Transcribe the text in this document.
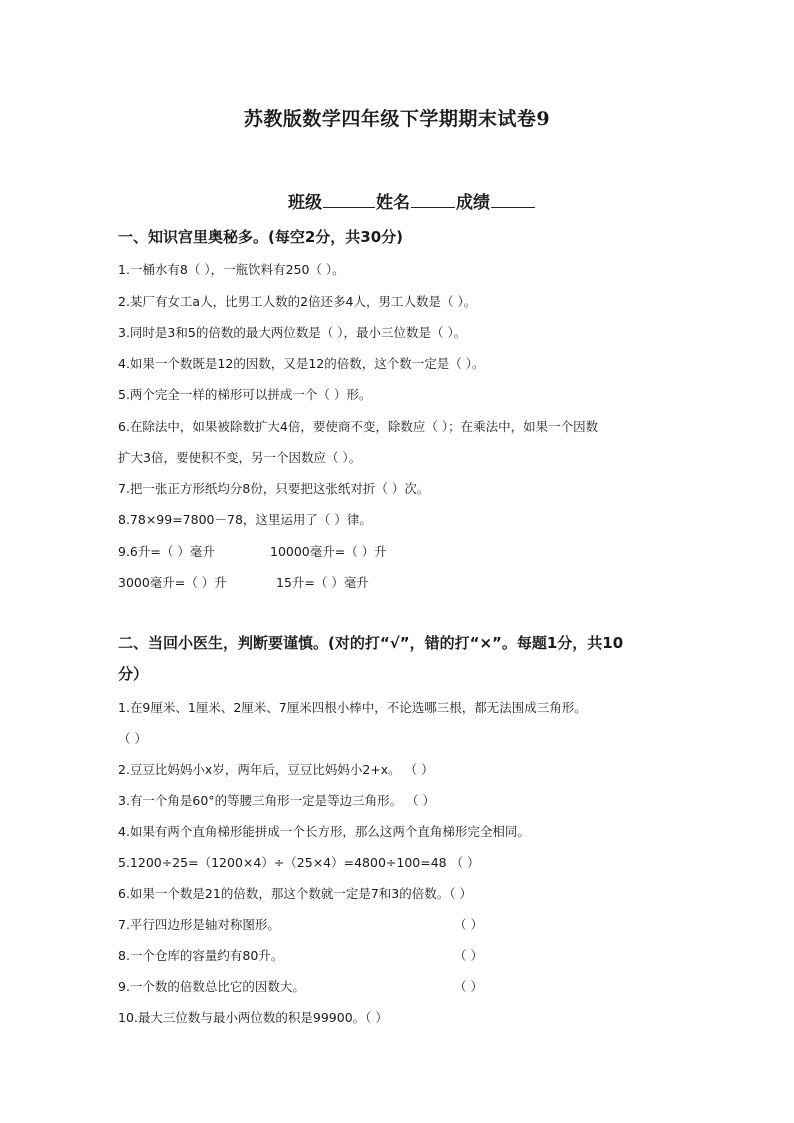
苏教版数学四年级下学期期末试卷9
班级	姓名	成绩
一、知识宫里奥秘多。(每空2分，共30分)
1.一桶水有8（ ），一瓶饮料有250（ ）。
2.某厂有女工a人，比男工人数的2倍还多4人，男工人数是（ ）。
3.同时是3和5的倍数的最大两位数是（ ），最小三位数是（ ）。
4.如果一个数既是12的因数，又是12的倍数，这个数一定是（ ）。
5.两个完全一样的梯形可以拼成一个（ ）形。
6.在除法中，如果被除数扩大4倍，要使商不变，除数应（ ）；在乘法中，如果一个因数
扩大3倍，要使积不变，另一个因数应（ ）。
7.把一张正方形纸均分8份，只要把这张纸对折（ ）次。
8.78×99=7800－78，这里运用了（ ）律。
9.6升=（ ）毫升	10000毫升=（ ）升
3000毫升=（ ）升	15升=（ ）毫升
二、当回小医生，判断要谨慎。(对的打“√”，错的打“×”。每题1分，共10
分）
1.在9厘米、1厘米、2厘米、7厘米四根小棒中，不论选哪三根，都无法围成三角形。
（ ）
2.豆豆比妈妈小x岁，两年后，豆豆比妈妈小2+x。 （ ）
3.有一个角是60°的等腰三角形一定是等边三角形。 （ ）
4.如果有两个直角梯形能拼成一个长方形，那么这两个直角梯形完全相同。
5.1200÷25=（1200×4）÷（25×4）=4800÷100=48 （ ）
6.如果一个数是21的倍数，那这个数就一定是7和3的倍数。（ ）
7.平行四边形是轴对称图形。	（ ）
8.一个仓库的容量约有80升。	（ ）
9.一个数的倍数总比它的因数大。	（ ）
10.最大三位数与最小两位数的积是99900。（ ）
